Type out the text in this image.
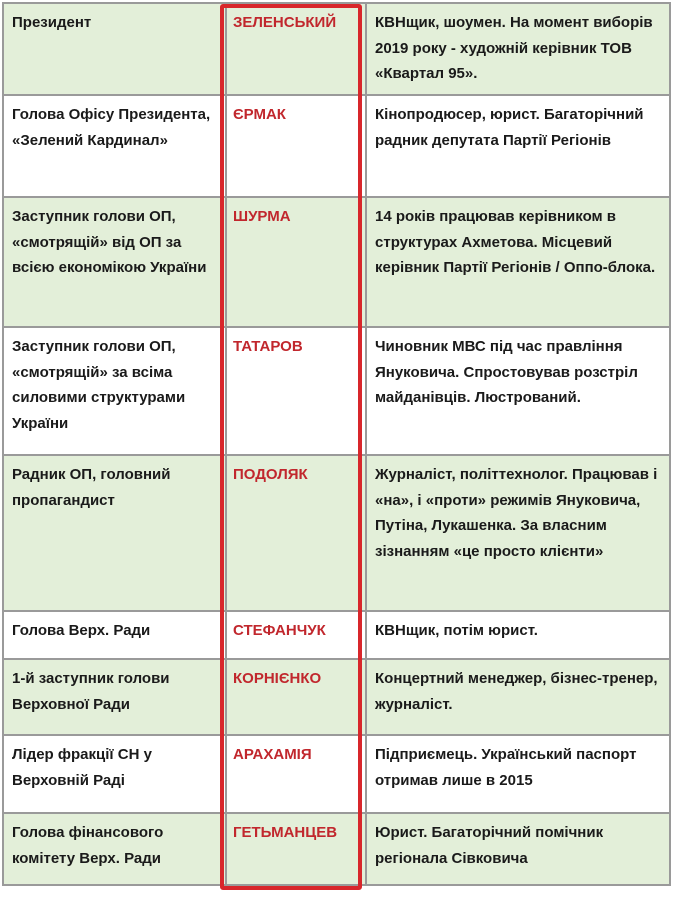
Президент	ЗЕЛЕНСЬКИЙ	КВНщик, шоумен. На момент виборів 2019 року - художній керівник ТОВ «Квартал 95».
Голова Офісу Президента, «Зелений Кардинал»	ЄРМАК	Кінопродюсер, юрист. Багаторічний радник депутата Партії Регіонів
Заступник голови ОП, «смотрящій» від ОП за всією економікою України	ШУРМА	14 років працював керівником в структурах Ахметова. Місцевий керівник Партії Регіонів / Оппо-блока.
Заступник голови ОП, «смотрящій» за всіма силовими структурами України	ТАТАРОВ	Чиновник МВС під час правління Януковича. Спростовував розстріл майданівців. Люстрований.
Радник ОП, головний пропагандист	ПОДОЛЯК	Журналіст, політтехнолог. Працював і «на», і «проти» режимів Януковича, Путіна, Лукашенка. За власним зізнанням «це просто клієнти»
Голова Верх. Ради	СТЕФАНЧУК	КВНщик, потім юрист.
1-й заступник голови Верховної Ради	КОРНІЄНКО	Концертний менеджер, бізнес-тренер, журналіст.
Лідер фракції СН у Верховній Раді	АРАХАМІЯ	Підприємець. Український паспорт отримав лише в 2015
Голова фінансового комітету Верх. Ради	ГЕТЬМАНЦЕВ	Юрист. Багаторічний помічник регіонала Сівковича
